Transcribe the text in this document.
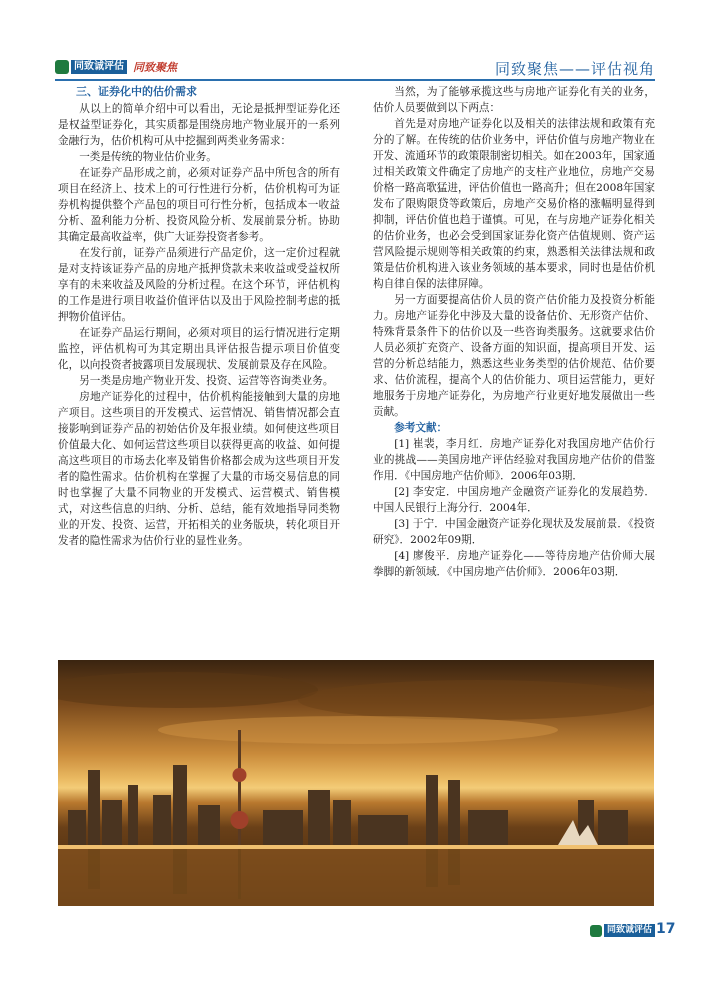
同致诚评估 同致聚焦	同致聚焦——评估视角

三、证券化中的估价需求

从以上的简单介绍中可以看出，无论是抵押型证券化还是权益型证券化，其实质都是围绕房地产物业展开的一系列金融行为，估价机构可从中挖掘到两类业务需求：

一类是传统的物业估价业务。

在证券产品形成之前，必须对证券产品中所包含的所有项目在经济上、技术上的可行性进行分析，估价机构可为证券机构提供整个产品包的项目可行性分析，包括成本一收益分析、盈利能力分析、投资风险分析、发展前景分析。协助其确定最高收益率，供广大证券投资者参考。

在发行前，证券产品须进行产品定价，这一定价过程就是对支持该证券产品的房地产抵押贷款未来收益或受益权所享有的未来收益及风险的分析过程。在这个环节，评估机构的工作是进行项目收益价值评估以及出于风险控制考虑的抵押物价值评估。

在证券产品运行期间，必须对项目的运行情况进行定期监控，评估机构可为其定期出具评估报告提示项目价值变化，以向投资者披露项目发展现状、发展前景及存在风险。

另一类是房地产物业开发、投资、运营等咨询类业务。

房地产证券化的过程中，估价机构能接触到大量的房地产项目。这些项目的开发模式、运营情况、销售情况都会直接影响到证券产品的初始估价及年报业绩。如何使这些项目价值最大化、如何运营这些项目以获得更高的收益、如何提高这些项目的市场去化率及销售价格都会成为这些项目开发者的隐性需求。估价机构在掌握了大量的市场交易信息的同时也掌握了大量不同物业的开发模式、运营模式、销售模式，对这些信息的归纳、分析、总结，能有效地指导同类物业的开发、投资、运营，开拓相关的业务版块，转化项目开发者的隐性需求为估价行业的显性业务。

当然，为了能够承揽这些与房地产证券化有关的业务，估价人员要做到以下两点：

首先是对房地产证券化以及相关的法律法规和政策有充分的了解。在传统的估价业务中，评估价值与房地产物业在开发、流通环节的政策限制密切相关。如在2003年，国家通过相关政策文件确定了房地产的支柱产业地位，房地产交易价格一路高歌猛进，评估价值也一路高升；但在2008年国家发布了限购限贷等政策后，房地产交易价格的涨幅明显得到抑制，评估价值也趋于谨慎。可见，在与房地产证券化相关的估价业务，也必会受到国家证券化资产估值规则、资产运营风险提示规则等相关政策的约束，熟悉相关法律法规和政策是估价机构进入该业务领域的基本要求，同时也是估价机构自律自保的法律屏障。

另一方面要提高估价人员的资产估价能力及投资分析能力。房地产证券化中涉及大量的设备估价、无形资产估价、特殊背景条件下的估价以及一些咨询类服务。这就要求估价人员必须扩充资产、设备方面的知识面，提高项目开发、运营的分析总结能力，熟悉这些业务类型的估价规范、估价要求、估价流程，提高个人的估价能力、项目运营能力，更好地服务于房地产证券化，为房地产行业更好地发展做出一些贡献。

参考文献：

[1] 崔裴，李月红．房地产证券化对我国房地产估价行业的挑战——美国房地产评估经验对我国房地产估价的借鉴作用．《中国房地产估价师》．2006年03期．

[2] 李安定．中国房地产金融资产证券化的发展趋势．中国人民银行上海分行．2004年．

[3] 于宁．中国金融资产证券化现状及发展前景．《投资研究》．2002年09期．

[4] 廖俊平．房地产证券化——等待房地产估价师大展拳脚的新领域．《中国房地产估价师》．2006年03期．

同致诚评估 17
